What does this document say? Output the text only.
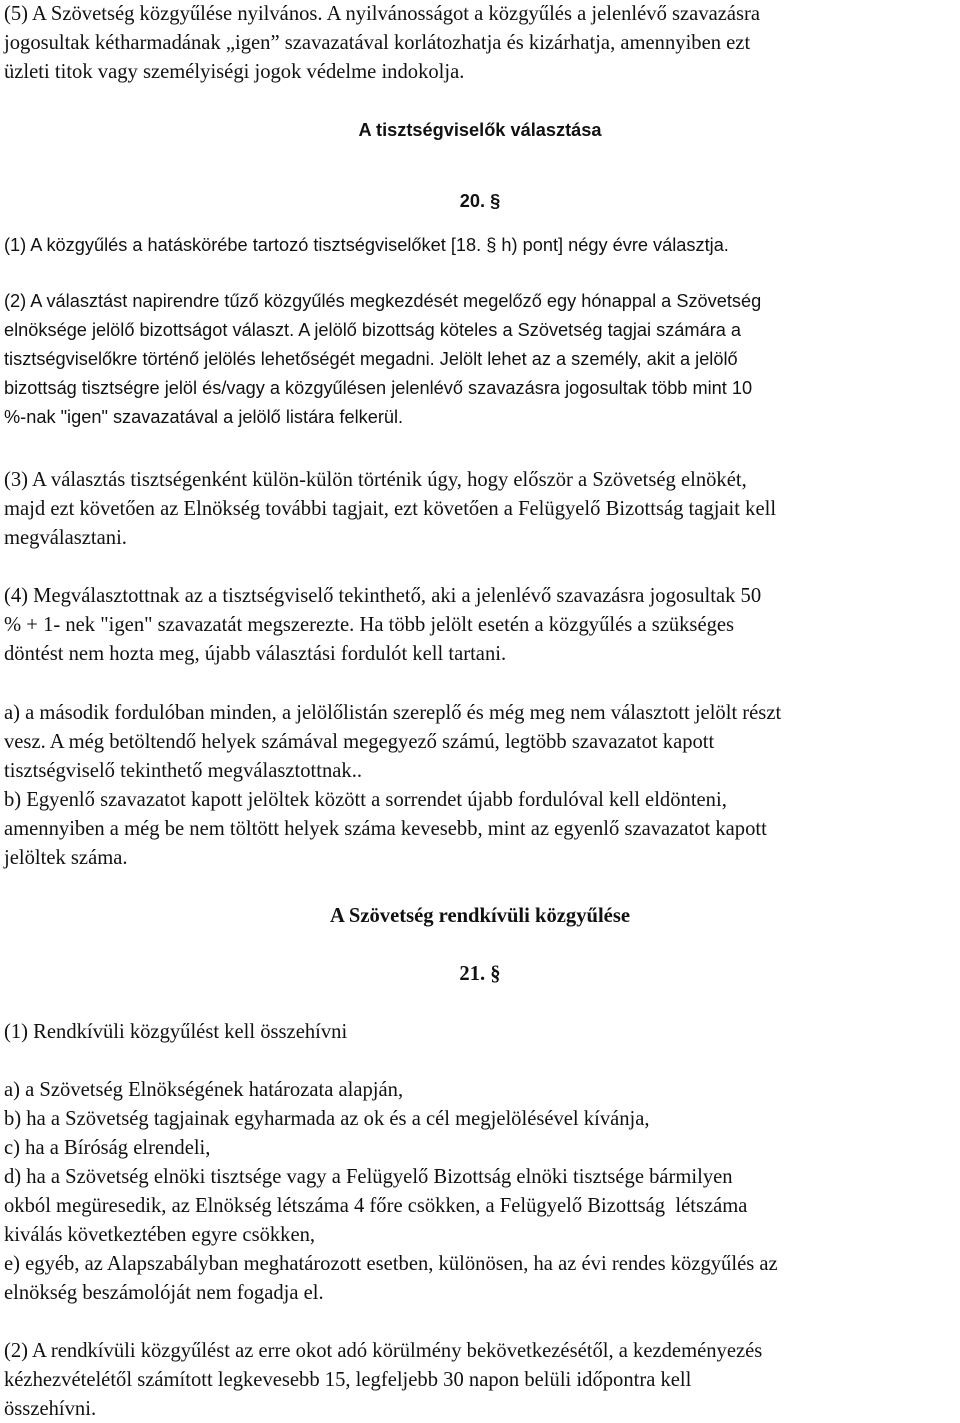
(5) A Szövetség közgyűlése nyilvános. A nyilvánosságot a közgyűlés a jelenlévő szavazásra
jogosultak kétharmadának „igen” szavazatával korlátozhatja és kizárhatja, amennyiben ezt
üzleti titok vagy személyiségi jogok védelme indokolja.
A tisztségviselők választása
20. §
(1) A közgyűlés a hatáskörébe tartozó tisztségviselőket [18. § h) pont] négy évre választja.
(2) A választást napirendre tűző közgyűlés megkezdését megelőző egy hónappal a Szövetség
elnöksége jelölő bizottságot választ. A jelölő bizottság köteles a Szövetség tagjai számára a
tisztségviselőkre történő jelölés lehetőségét megadni. Jelölt lehet az a személy, akit a jelölő
bizottság tisztségre jelöl és/vagy a közgyűlésen jelenlévő szavazásra jogosultak több mint 10
%-nak "igen" szavazatával a jelölő listára felkerül.
(3) A választás tisztségenként külön-külön történik úgy, hogy először a Szövetség elnökét,
majd ezt követően az Elnökség további tagjait, ezt követően a Felügyelő Bizottság tagjait kell
megválasztani.
(4) Megválasztottnak az a tisztségviselő tekinthető, aki a jelenlévő szavazásra jogosultak 50
% + 1- nek "igen" szavazatát megszerezte. Ha több jelölt esetén a közgyűlés a szükséges
döntést nem hozta meg, újabb választási fordulót kell tartani.
a) a második fordulóban minden, a jelölőlistán szereplő és még meg nem választott jelölt részt
vesz. A még betöltendő helyek számával megegyező számú, legtöbb szavazatot kapott
tisztségviselő tekinthető megválasztottnak..
b) Egyenlő szavazatot kapott jelöltek között a sorrendet újabb fordulóval kell eldönteni,
amennyiben a még be nem töltött helyek száma kevesebb, mint az egyenlő szavazatot kapott
jelöltek száma.
A Szövetség rendkívüli közgyűlése
21. §
(1) Rendkívüli közgyűlést kell összehívni
a) a Szövetség Elnökségének határozata alapján,
b) ha a Szövetség tagjainak egyharmada az ok és a cél megjelölésével kívánja,
c) ha a Bíróság elrendeli,
d) ha a Szövetség elnöki tisztsége vagy a Felügyelő Bizottság elnöki tisztsége bármilyen
okból megüresedik, az Elnökség létszáma 4 főre csökken, a Felügyelő Bizottság  létszáma
kiválás következtében egyre csökken,
e) egyéb, az Alapszabályban meghatározott esetben, különösen, ha az évi rendes közgyűlés az
elnökség beszámolóját nem fogadja el.
(2) A rendkívüli közgyűlést az erre okot adó körülmény bekövetkezésétől, a kezdeményezés
kézhezvételétől számított legkevesebb 15, legfeljebb 30 napon belüli időpontra kell
összehívni.
